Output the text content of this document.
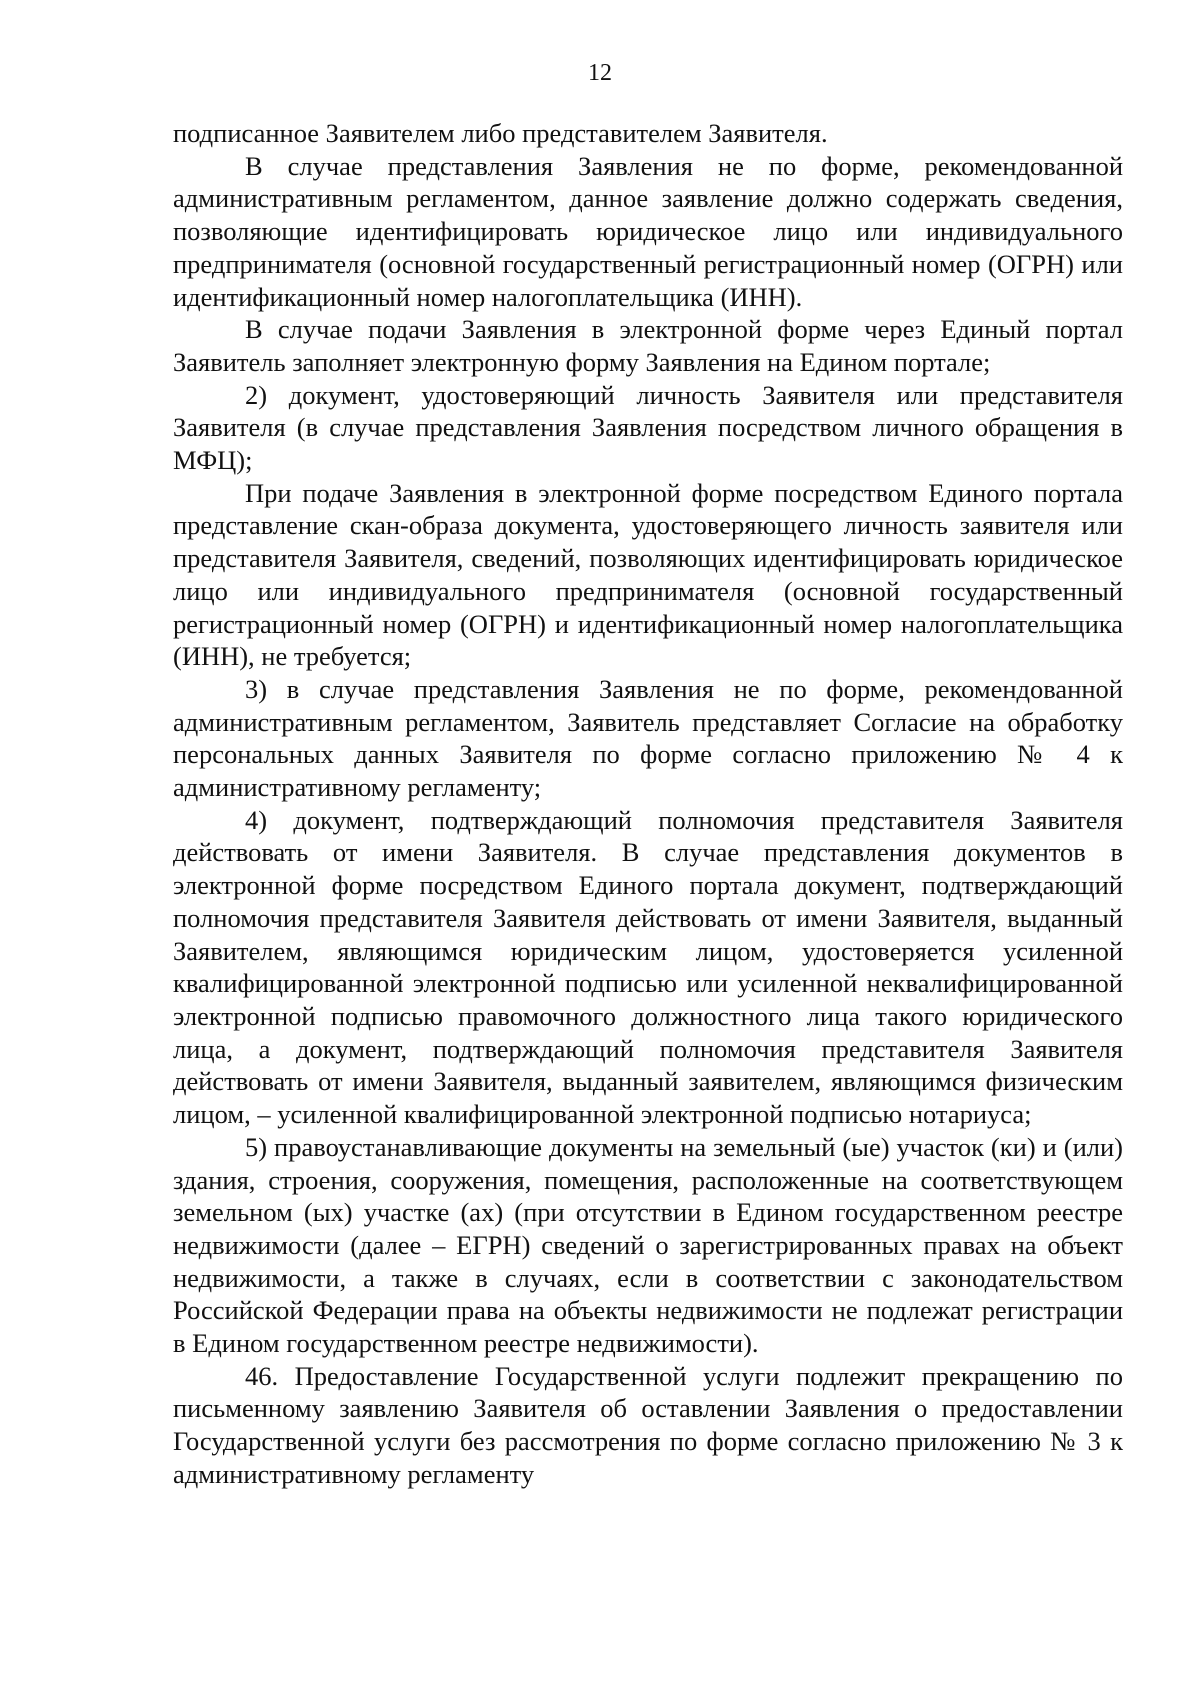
12

подписанное Заявителем либо представителем Заявителя.

В случае представления Заявления не по форме, рекомендованной административным регламентом, данное заявление должно содержать сведения, позволяющие идентифицировать юридическое лицо или индивидуального предпринимателя (основной государственный регистрационный номер (ОГРН) или идентификационный номер налогоплательщика (ИНН).

В случае подачи Заявления в электронной форме через Единый портал Заявитель заполняет электронную форму Заявления на Едином портале;

2) документ, удостоверяющий личность Заявителя или представителя Заявителя (в случае представления Заявления посредством личного обращения в МФЦ);

При подаче Заявления в электронной форме посредством Единого портала представление скан-образа документа, удостоверяющего личность заявителя или представителя Заявителя, сведений, позволяющих идентифицировать юридическое лицо или индивидуального предпринимателя (основной государственный регистрационный номер (ОГРН) и идентификационный номер налогоплательщика (ИНН), не требуется;

3) в случае представления Заявления не по форме, рекомендованной административным регламентом, Заявитель представляет Согласие на обработку персональных данных Заявителя по форме согласно приложению № 4 к административному регламенту;

4) документ, подтверждающий полномочия представителя Заявителя действовать от имени Заявителя. В случае представления документов в электронной форме посредством Единого портала документ, подтверждающий полномочия представителя Заявителя действовать от имени Заявителя, выданный Заявителем, являющимся юридическим лицом, удостоверяется усиленной квалифицированной электронной подписью или усиленной неквалифицированной электронной подписью правомочного должностного лица такого юридического лица, а документ, подтверждающий полномочия представителя Заявителя действовать от имени Заявителя, выданный заявителем, являющимся физическим лицом, – усиленной квалифицированной электронной подписью нотариуса;

5) правоустанавливающие документы на земельный (ые) участок (ки) и (или) здания, строения, сооружения, помещения, расположенные на соответствующем земельном (ых) участке (ах) (при отсутствии в Едином государственном реестре недвижимости (далее – ЕГРН) сведений о зарегистрированных правах на объект недвижимости, а также в случаях, если в соответствии с законодательством Российской Федерации права на объекты недвижимости не подлежат регистрации в Едином государственном реестре недвижимости).

46. Предоставление Государственной услуги подлежит прекращению по письменному заявлению Заявителя об оставлении Заявления о предоставлении Государственной услуги без рассмотрения по форме согласно приложению № 3 к административному регламенту
